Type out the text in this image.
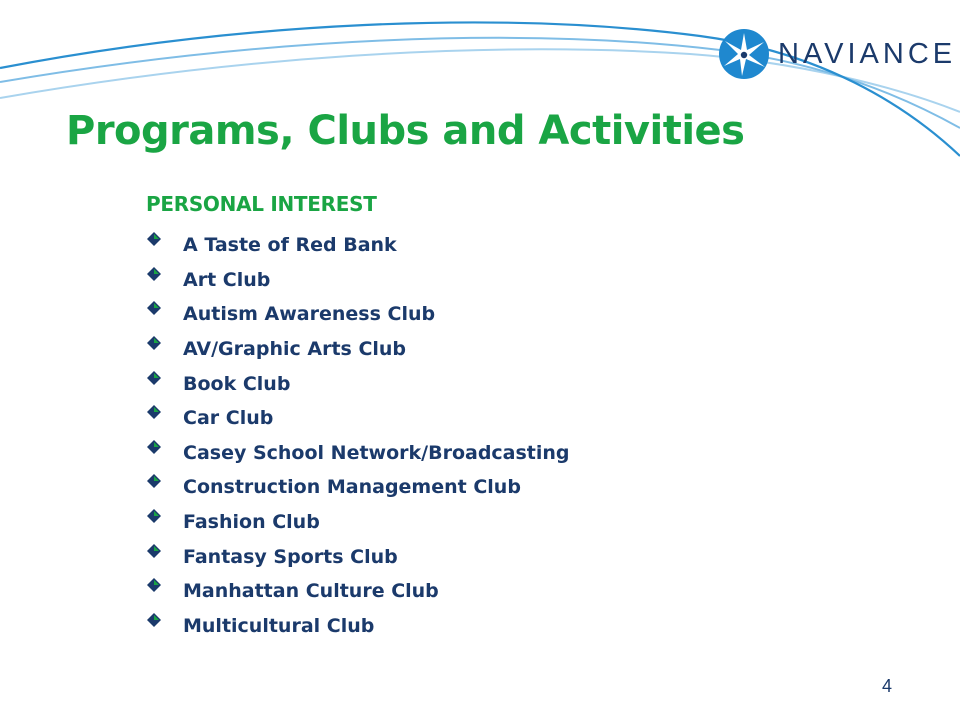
NAVIANCE
Programs, Clubs and Activities
PERSONAL INTEREST
A Taste of Red Bank
Art Club
Autism Awareness Club
AV/Graphic Arts Club
Book Club
Car Club
Casey School Network/Broadcasting
Construction Management Club
Fashion Club
Fantasy Sports Club
Manhattan Culture Club
Multicultural Club
4
